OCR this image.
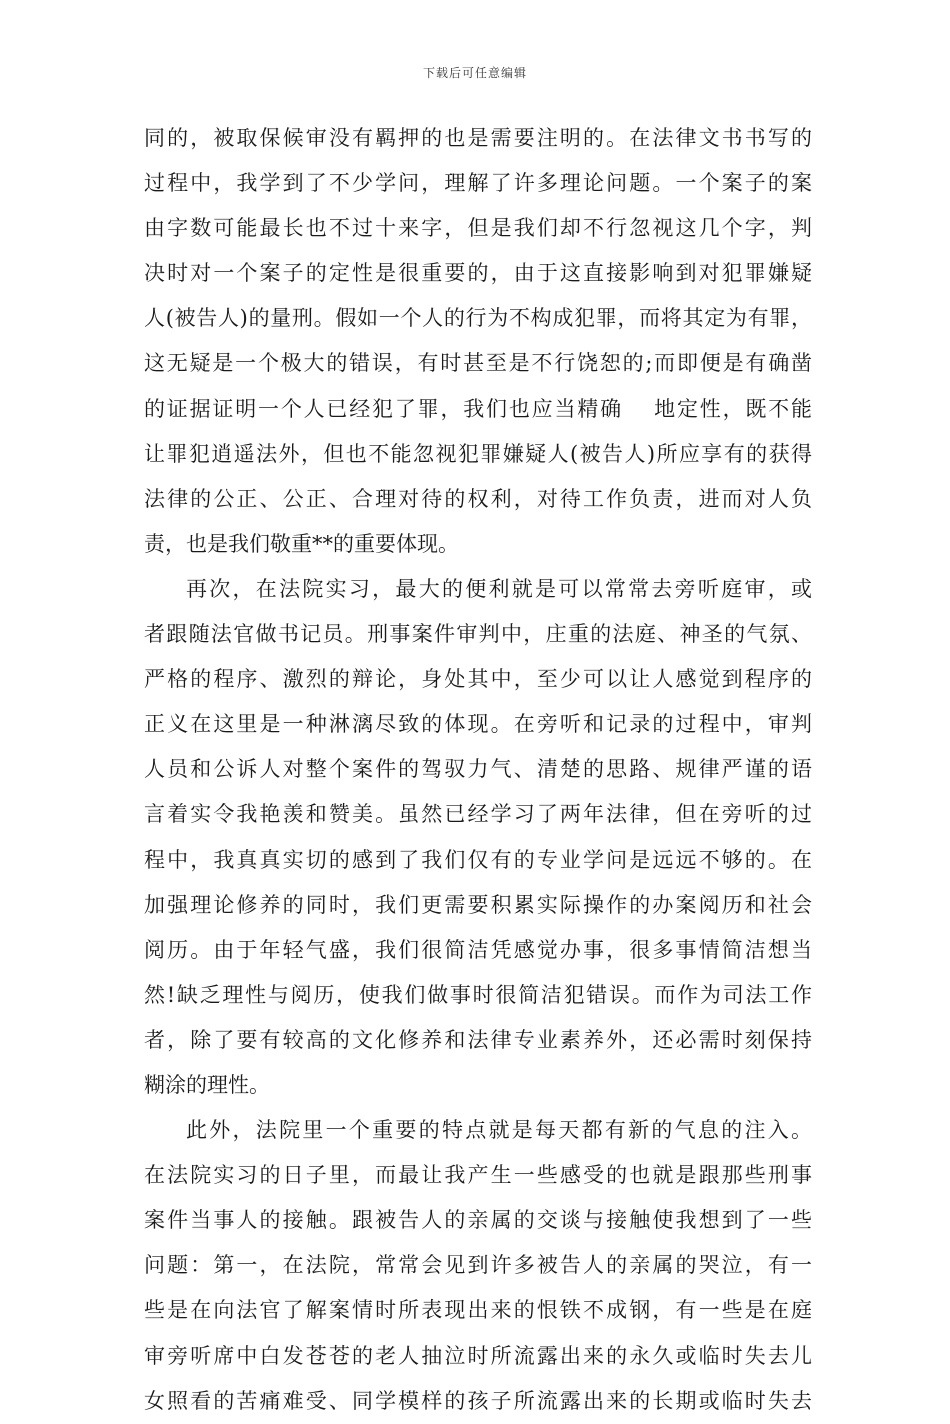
下载后可任意编辑
同的，被取保候审没有羁押的也是需要注明的。在法律文书书写的
过程中，我学到了不少学问，理解了许多理论问题。一个案子的案
由字数可能最长也不过十来字，但是我们却不行忽视这几个字，判
决时对一个案子的定性是很重要的，由于这直接影响到对犯罪嫌疑
人(被告人)的量刑。假如一个人的行为不构成犯罪，而将其定为有罪，
这无疑是一个极大的错误，有时甚至是不行饶恕的;而即便是有确凿
的证据证明一个人已经犯了罪，我们也应当精确　 地定性，既不能
让罪犯逍遥法外，但也不能忽视犯罪嫌疑人(被告人)所应享有的获得
法律的公正、公正、合理对待的权利，对待工作负责，进而对人负
责，也是我们敬重**的重要体现。
再次，在法院实习，最大的便利就是可以常常去旁听庭审，或
者跟随法官做书记员。刑事案件审判中，庄重的法庭、神圣的气氛、
严格的程序、激烈的辩论，身处其中，至少可以让人感觉到程序的
正义在这里是一种淋漓尽致的体现。在旁听和记录的过程中，审判
人员和公诉人对整个案件的驾驭力气、清楚的思路、规律严谨的语
言着实令我艳羡和赞美。虽然已经学习了两年法律，但在旁听的过
程中，我真真实切的感到了我们仅有的专业学问是远远不够的。在
加强理论修养的同时，我们更需要积累实际操作的办案阅历和社会
阅历。由于年轻气盛，我们很简洁凭感觉办事，很多事情简洁想当
然!缺乏理性与阅历，使我们做事时很简洁犯错误。而作为司法工作
者，除了要有较高的文化修养和法律专业素养外，还必需时刻保持
糊涂的理性。
此外，法院里一个重要的特点就是每天都有新的气息的注入。
在法院实习的日子里，而最让我产生一些感受的也就是跟那些刑事
案件当事人的接触。跟被告人的亲属的交谈与接触使我想到了一些
问题：第一，在法院，常常会见到许多被告人的亲属的哭泣，有一
些是在向法官了解案情时所表现出来的恨铁不成钢，有一些是在庭
审旁听席中白发苍苍的老人抽泣时所流露出来的永久或临时失去儿
女照看的苦痛难受、同学模样的孩子所流露出来的长期或临时失去
